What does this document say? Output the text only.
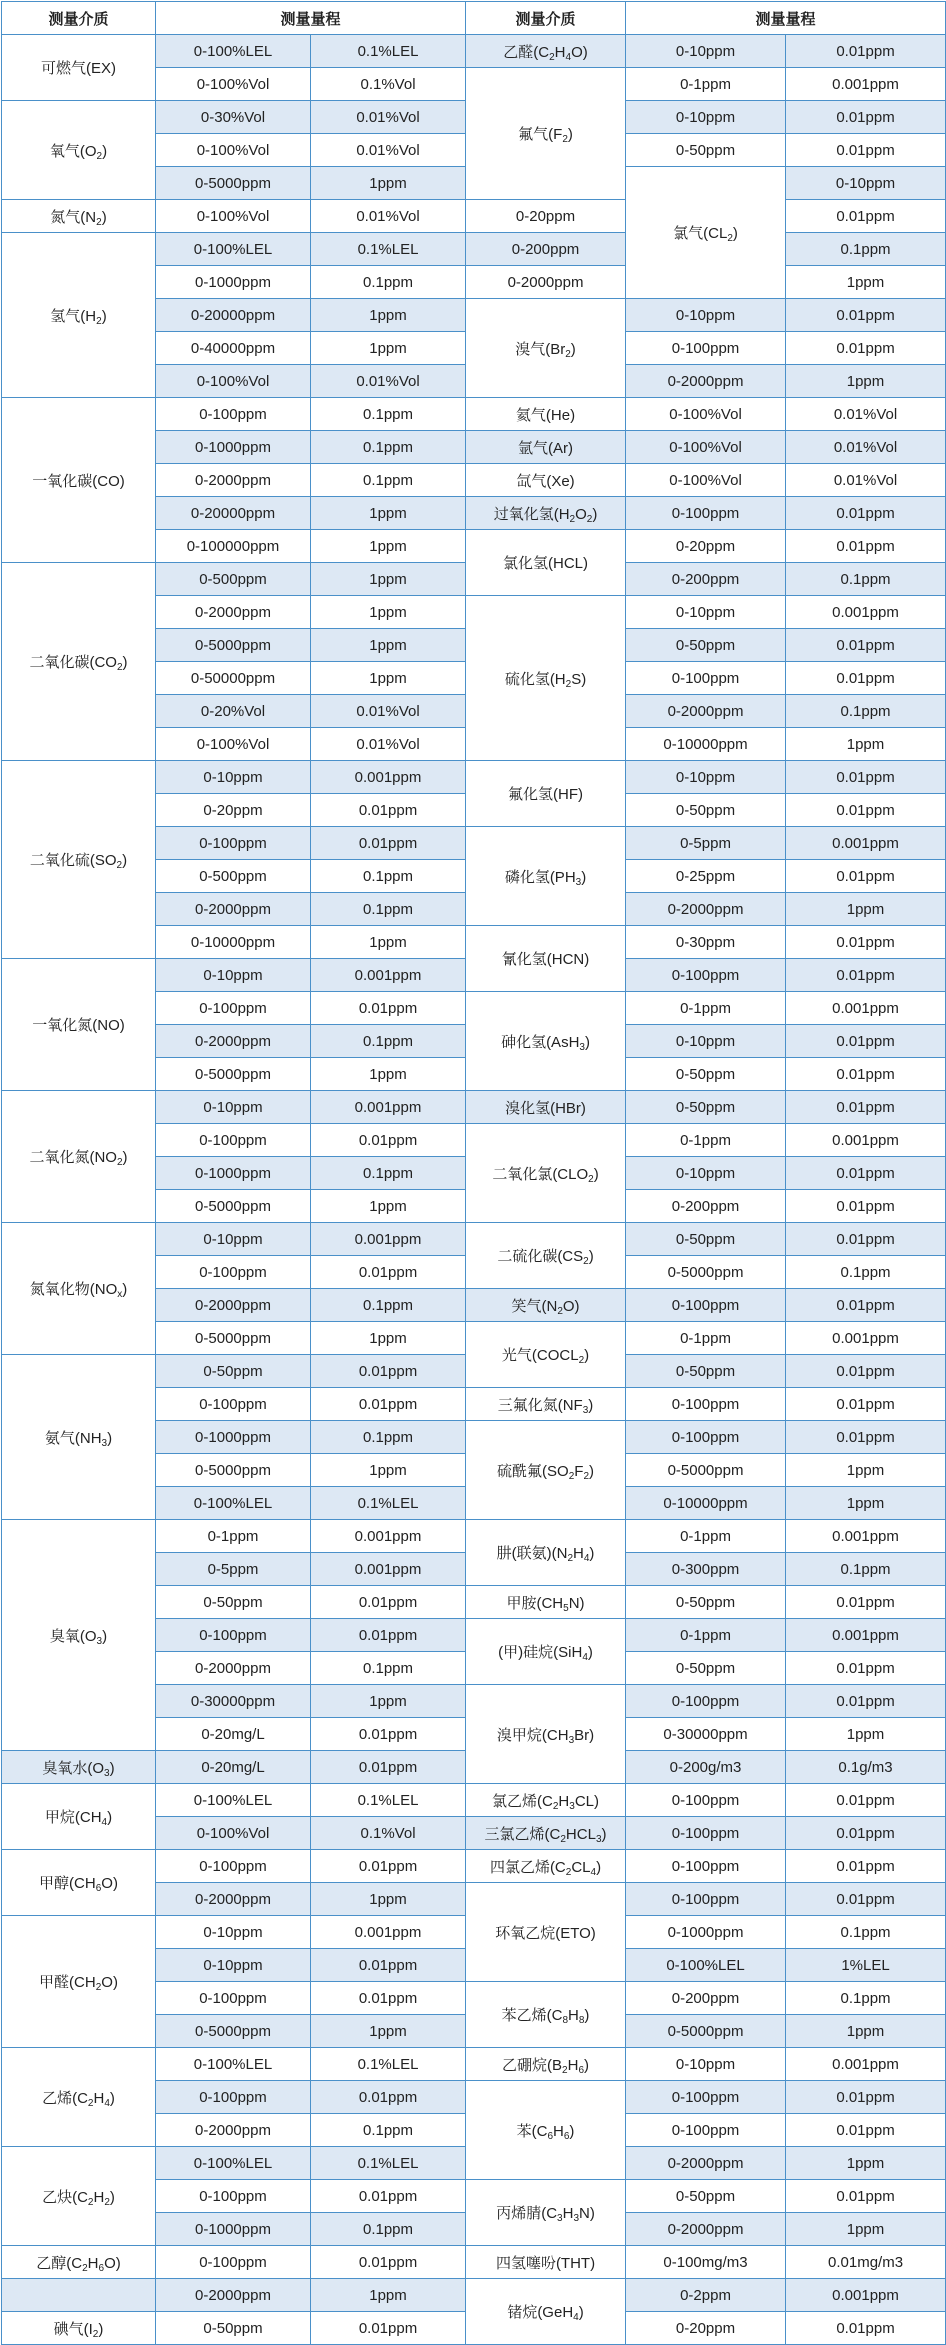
测量介质	测量量程		测量介质	测量量程		
可燃气(EX)	0-100%LEL	0.1%LEL	乙醛$(C_2H_4O)$	0-10ppm	0.01ppm	
	0-100%Vol	0.1%Vol	氟气$(F_2)$	0-1ppm	0.001ppm	
氧气$(O_2)$	0-30%Vol	0.01%Vol		0-10ppm	0.01ppm	
	0-100%Vol	0.01%Vol		0-50ppm	0.01ppm	
	0-5000ppm	1ppm		氯气$(CL_2)$	0-10ppm	
氮气$(N_2)$	0-100%Vol	0.01%Vol	0-20ppm		0.01ppm	
氢气$(H_2)$	0-100%LEL	0.1%LEL	0-200ppm		0.1ppm	
	0-1000ppm	0.1ppm	0-2000ppm		1ppm	
	0-20000ppm	1ppm	溴气$(Br_2)$	0-10ppm	0.01ppm	
	0-40000ppm	1ppm		0-100ppm	0.01ppm	
	0-100%Vol	0.01%Vol		0-2000ppm	1ppm	
一氧化碳(CO)	0-100ppm	0.1ppm	氦气(He)	0-100%Vol	0.01%Vol	
	0-1000ppm	0.1ppm	氩气(Ar)	0-100%Vol	0.01%Vol	
	0-2000ppm	0.1ppm	氙气(Xe)	0-100%Vol	0.01%Vol	
	0-20000ppm	1ppm	过氧化氢$(H_2O_2)$	0-100ppm	0.01ppm	
	0-100000ppm	1ppm	氯化氢(HCL)	0-20ppm	0.01ppm	
二氧化碳$(CO_2)$	0-500ppm	1ppm		0-200ppm	0.1ppm	
	0-2000ppm	1ppm	硫化氢$(H_2S)$	0-10ppm	0.001ppm	
	0-5000ppm	1ppm		0-50ppm	0.01ppm	
	0-50000ppm	1ppm		0-100ppm	0.01ppm	
	0-20%Vol	0.01%Vol		0-2000ppm	0.1ppm	
	0-100%Vol	0.01%Vol		0-10000ppm	1ppm	
二氧化硫$(SO_2)$	0-10ppm	0.001ppm	氟化氢(HF)	0-10ppm	0.01ppm	
	0-20ppm	0.01ppm		0-50ppm	0.01ppm	
	0-100ppm	0.01ppm	磷化氢$(PH_3)$	0-5ppm	0.001ppm	
	0-500ppm	0.1ppm		0-25ppm	0.01ppm	
	0-2000ppm	0.1ppm		0-2000ppm	1ppm	
	0-10000ppm	1ppm	氰化氢(HCN)	0-30ppm	0.01ppm	
一氧化氮(NO)	0-10ppm	0.001ppm		0-100ppm	0.01ppm	
	0-100ppm	0.01ppm	砷化氢(AsH$_3$)	0-1ppm	0.001ppm	
	0-2000ppm	0.1ppm		0-10ppm	0.01ppm	
	0-5000ppm	1ppm		0-50ppm	0.01ppm	
二氧化氮$(NO_2)$	0-10ppm	0.001ppm	溴化氢(HBr)	0-50ppm	0.01ppm	
	0-100ppm	0.01ppm	二氧化氯$(CLO_2)$	0-1ppm	0.001ppm	
	0-1000ppm	0.1ppm		0-10ppm	0.01ppm	
	0-5000ppm	1ppm		0-200ppm	0.01ppm	
氮氧化物$(NO_x)$	0-10ppm	0.001ppm	二硫化碳$(CS_2)$	0-50ppm	0.01ppm	
	0-100ppm	0.01ppm		0-5000ppm	0.1ppm	
	0-2000ppm	0.1ppm	笑气$(N_2O)$	0-100ppm	0.01ppm	
	0-5000ppm	1ppm	光气$(COCL_2)$	0-1ppm	0.001ppm	
氨气$(NH_3)$	0-50ppm	0.01ppm		0-50ppm	0.01ppm	
	0-100ppm	0.01ppm	三氟化氮$(NF_3)$	0-100ppm	0.01ppm	
	0-1000ppm	0.1ppm	硫酰氟$(SO_2F_2)$	0-100ppm	0.01ppm	
	0-5000ppm	1ppm		0-5000ppm	1ppm	
	0-100%LEL	0.1%LEL		0-10000ppm	1ppm	
臭氧$(O_3)$	0-1ppm	0.001ppm	肼(联氨)$(N_2H_4)$	0-1ppm	0.001ppm	
	0-5ppm	0.001ppm		0-300ppm	0.1ppm	
	0-50ppm	0.01ppm	甲胺$(CH_5N)$	0-50ppm	0.01ppm	
	0-100ppm	0.01ppm	(甲)硅烷(SiH$_4$)	0-1ppm	0.001ppm	
	0-2000ppm	0.1ppm		0-50ppm	0.01ppm	
	0-30000ppm	1ppm	溴甲烷$(CH_3Br)$	0-100ppm	0.01ppm	
	0-20mg/L	0.01ppm		0-30000ppm	1ppm	
臭氧水$(O_3)$	0-20mg/L	0.01ppm		0-200g/m3	0.1g/m3	
甲烷$(CH_4)$	0-100%LEL	0.1%LEL	氯乙烯$(C_2H_3CL)$	0-100ppm	0.01ppm	
	0-100%Vol	0.1%Vol	三氯乙烯$(C_2HCL_3)$	0-100ppm	0.01ppm	
甲醇$(CH_6O)$	0-100ppm	0.01ppm	四氯乙烯$(C_2CL_4)$	0-100ppm	0.01ppm	
	0-2000ppm	1ppm	环氧乙烷(ETO)	0-100ppm	0.01ppm	
甲醛$(CH_2O)$	0-10ppm	0.001ppm		0-1000ppm	0.1ppm	
	0-10ppm	0.01ppm		0-100%LEL	1%LEL	
	0-100ppm	0.01ppm	苯乙烯$(C_8H_8)$	0-200ppm	0.1ppm	
	0-5000ppm	1ppm		0-5000ppm	1ppm	
乙烯$(C_2H_4)$	0-100%LEL	0.1%LEL	乙硼烷$(B_2H_6)$	0-10ppm	0.001ppm	
	0-100ppm	0.01ppm	苯$(C_6H_6)$	0-100ppm	0.01ppm	
	0-2000ppm	0.1ppm		0-100ppm	0.01ppm	
乙炔$(C_2H_2)$	0-100%LEL	0.1%LEL		0-2000ppm	1ppm	
	0-100ppm	0.01ppm	丙烯腈$(C_3H_3N)$	0-50ppm	0.01ppm	
	0-1000ppm	0.1ppm		0-2000ppm	1ppm	
乙醇$(C_2H_6O)$	0-100ppm	0.01ppm	四氢噻吩(THT)	0-100mg/m3	0.01mg/m3	
	0-2000ppm	1ppm	锗烷(GeH$_4$)	0-2ppm	0.001ppm	
碘气$(I_2)$	0-50ppm	0.01ppm		0-20ppm	0.01ppm	
